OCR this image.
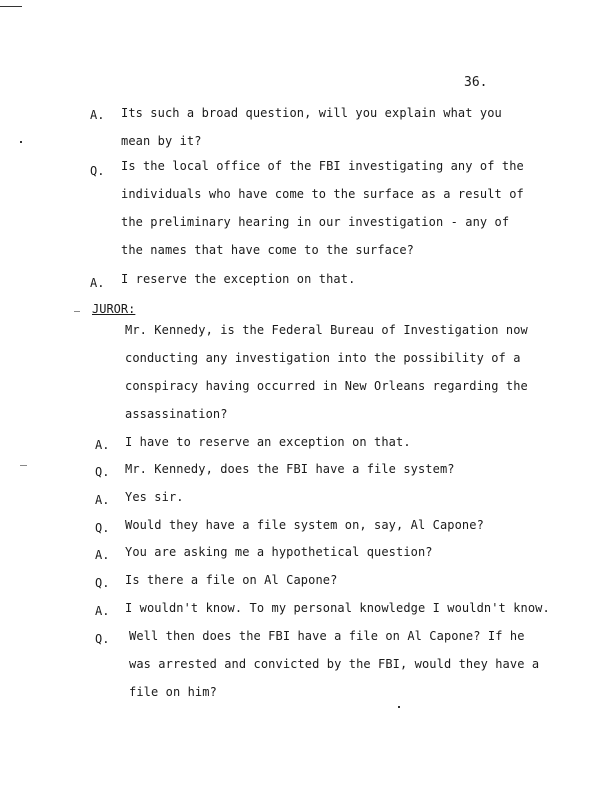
36.
A. Its such a broad question, will you explain what you
mean by it?
Q. Is the local office of the FBI investigating any of the
individuals who have come to the surface as a result of
the preliminary hearing in our investigation - any of
the names that have come to the surface?
A. I reserve the exception on that.
JUROR:
Mr. Kennedy, is the Federal Bureau of Investigation now
conducting any investigation into the possibility of a
conspiracy having occurred in New Orleans regarding the
assassination?
A. I have to reserve an exception on that.
Q. Mr. Kennedy, does the FBI have a file system?
A. Yes sir.
Q. Would they have a file system on, say, Al Capone?
A. You are asking me a hypothetical question?
Q. Is there a file on Al Capone?
A. I wouldn't know. To my personal knowledge I wouldn't know.
Q. Well then does the FBI have a file on Al Capone? If he
was arrested and convicted by the FBI, would they have a
file on him?
